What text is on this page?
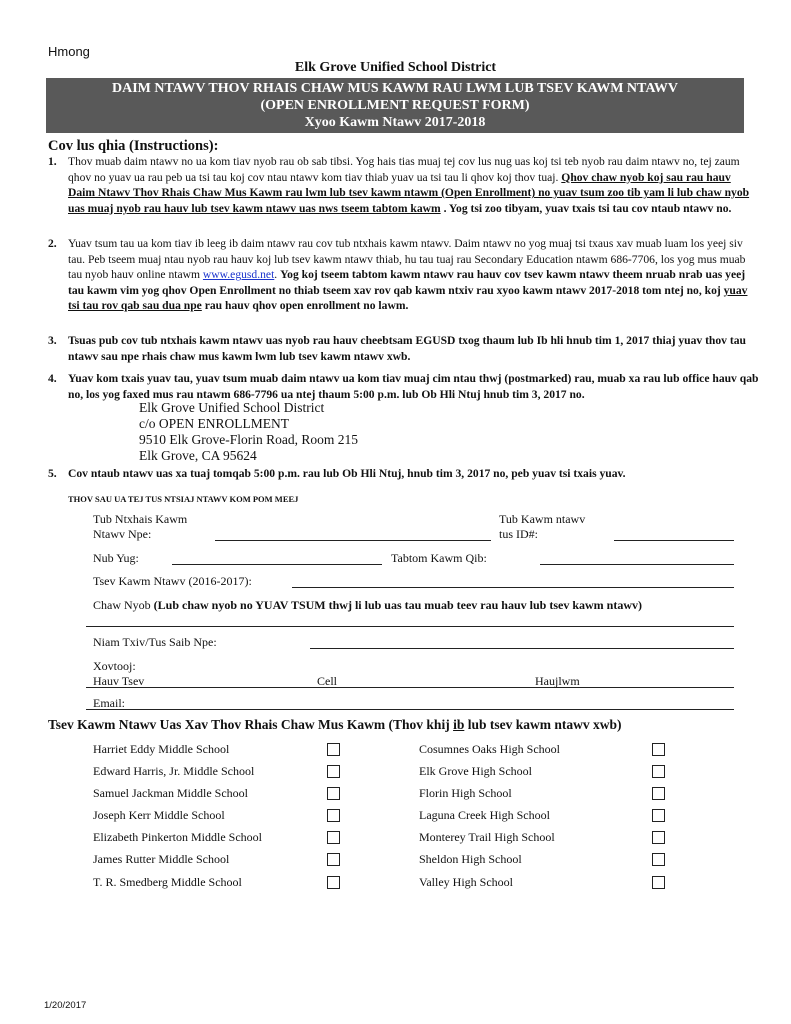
Hmong
Elk Grove Unified School District
DAIM NTAWV THOV RHAIS CHAW MUS KAWM RAU LWM LUB TSEV KAWM NTAWV
(OPEN ENROLLMENT REQUEST FORM)
Xyoo Kawm Ntawv 2017-2018
Cov lus qhia (Instructions):
1. Thov muab daim ntawv no ua kom tiav nyob rau ob sab tibsi. Yog hais tias muaj tej cov lus nug uas koj tsi teb nyob rau daim ntawv no, tej zaum qhov no yuav ua rau peb ua tsi tau koj cov ntau ntawv kom tiav thiab yuav ua tsi tau li qhov koj thov tuaj. Qhov chaw nyob koj sau rau hauv Daim Ntawv Thov Rhais Chaw Mus Kawm rau lwm lub tsev kawm ntawm (Open Enrollment) no yuav tsum zoo tib yam li lub chaw nyob uas muaj nyob rau hauv lub tsev kawm ntawv uas nws tseem tabtom kawm . Yog tsi zoo tibyam, yuav txais tsi tau cov ntaub ntawv no.
2. Yuav tsum tau ua kom tiav ib leeg ib daim ntawv rau cov tub ntxhais kawm ntawv. Daim ntawv no yog muaj tsi txaus xav muab luam los yeej siv tau. Peb tseem muaj ntau nyob rau hauv koj lub tsev kawm ntawv thiab, hu tau tuaj rau Secondary Education ntawm 686-7706, los yog mus muab tau nyob hauv online ntawm www.egusd.net. Yog koj tseem tabtom kawm ntawv rau hauv cov tsev kawm ntawv theem nruab nrab uas yeej tau kawm vim yog qhov Open Enrollment no thiab tseem xav rov qab kawm ntxiv rau xyoo kawm ntawv 2017-2018 tom ntej no, koj yuav tsi tau rov qab sau dua npe rau hauv qhov open enrollment no lawm.
3. Tsuas pub cov tub ntxhais kawm ntawv uas nyob rau hauv cheebtsam EGUSD txog thaum lub Ib hli hnub tim 1, 2017 thiaj yuav thov tau ntawv sau npe rhais chaw mus kawm lwm lub tsev kawm ntawv xwb.
4. Yuav kom txais yuav tau, yuav tsum muab daim ntawv ua kom tiav muaj cim ntau thwj (postmarked) rau, muab xa rau lub office hauv qab no, los yog faxed mus rau ntawm 686-7796 ua ntej thaum 5:00 p.m. lub Ob Hli Ntuj hnub tim 3, 2017 no.
Elk Grove Unified School District
c/o OPEN ENROLLMENT
9510 Elk Grove-Florin Road, Room 215
Elk Grove, CA 95624
5. Cov ntaub ntawv uas xa tuaj tomqab 5:00 p.m. rau lub Ob Hli Ntuj, hnub tim 3, 2017 no, peb yuav tsi txais yuav.
THOV SAU UA TEJ TUS NTSIAJ NTAWV KOM POM MEEJ
Tub Ntxhais Kawm
Ntawv Npe:
Tub Kawm ntawv
tus ID#:
Nub Yug:	Tabtom Kawm Qib:
Tsev Kawm Ntawv (2016-2017):
Chaw Nyob (Lub chaw nyob no YUAV TSUM thwj li lub uas tau muab teev rau hauv lub tsev kawm ntawv)
Niam Txiv/Tus Saib Npe:
Xovtooj:
Hauv Tsev	Cell	Haujlwm
Email:
Tsev Kawm Ntawv Uas Xav Thov Rhais Chaw Mus Kawm (Thov khij ib lub tsev kawm ntawv xwb)
Harriet Eddy Middle School
Edward Harris, Jr. Middle School
Samuel Jackman Middle School
Joseph Kerr Middle School
Elizabeth Pinkerton Middle School
James Rutter Middle School
T. R. Smedberg Middle School
Cosumnes Oaks High School
Elk Grove High School
Florin High School
Laguna Creek High School
Monterey Trail High School
Sheldon High School
Valley High School
1/20/2017
